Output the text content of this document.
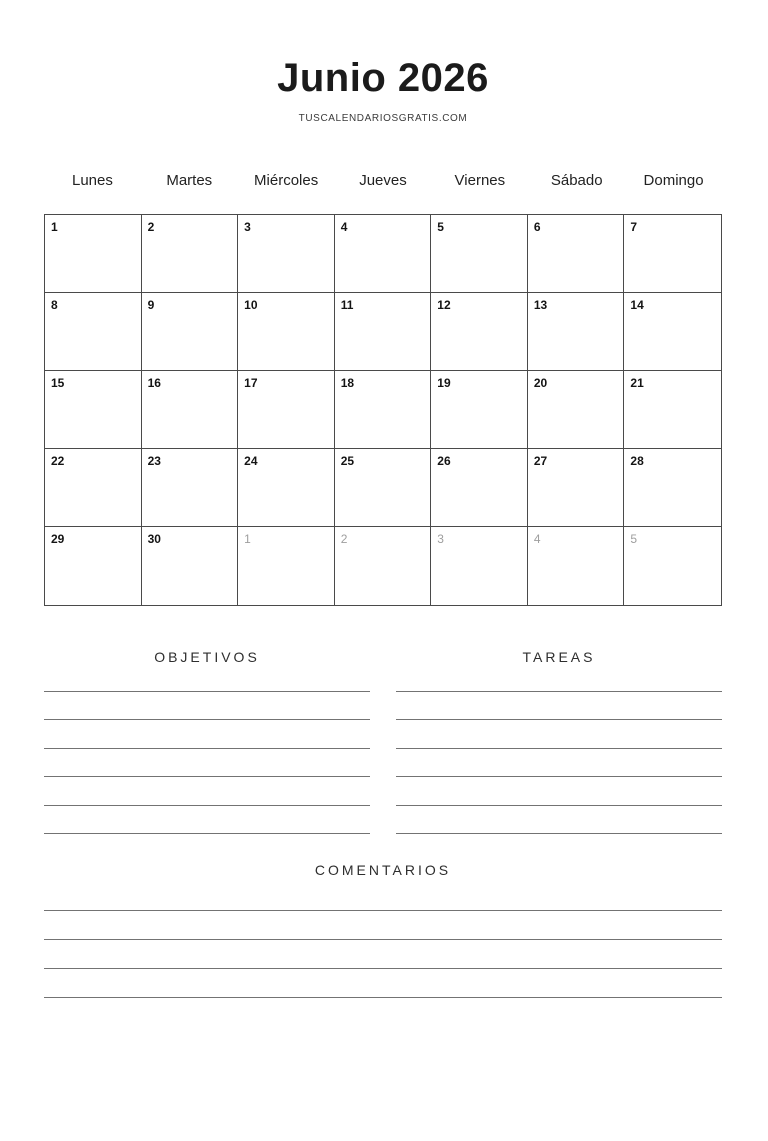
Junio 2026
TUSCALENDARIOSGRATIS.COM
Lunes	Martes	Miércoles	Jueves	Viernes	Sábado	Domingo
1	2	3	4	5	6	7
8	9	10	11	12	13	14
15	16	17	18	19	20	21
22	23	24	25	26	27	28
29	30	1	2	3	4	5
OBJETIVOS	TAREAS
COMENTARIOS
